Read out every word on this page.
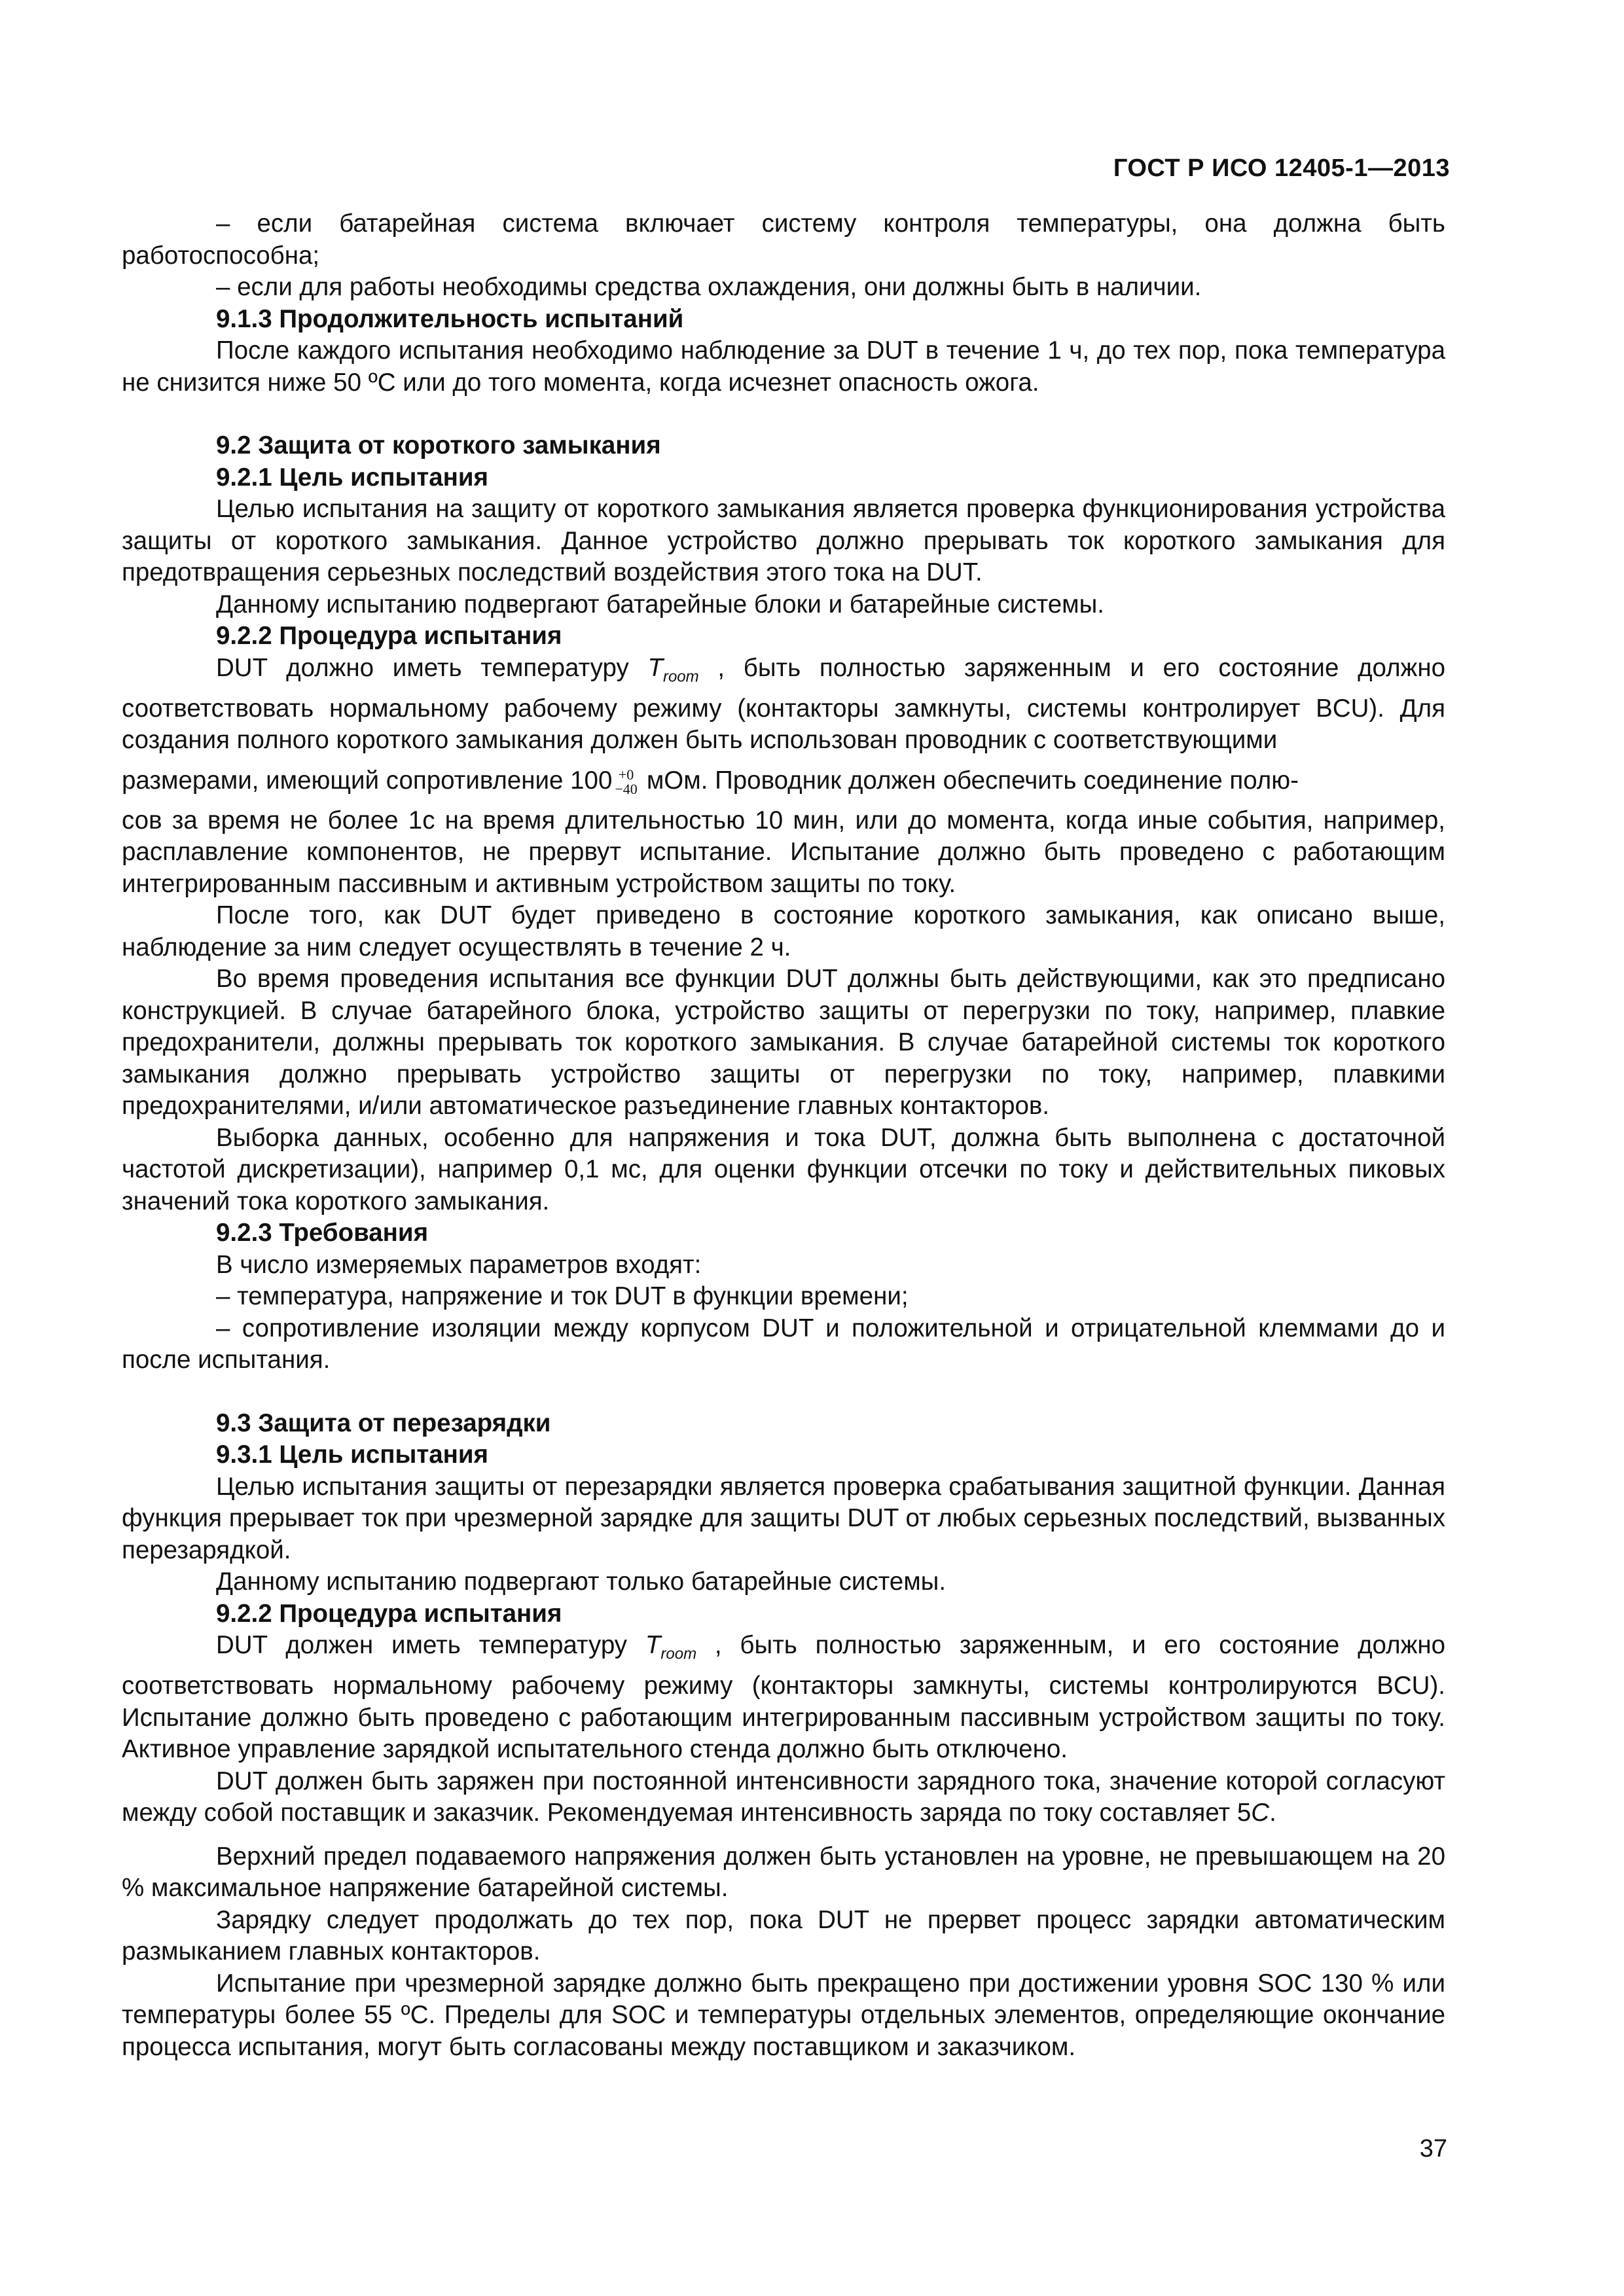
ГОСТ Р ИСО 12405-1—2013

– если батарейная система включает систему контроля температуры, она должна быть работоспособна;

– если для работы необходимы средства охлаждения, они должны быть в наличии.

9.1.3 Продолжительность испытаний

После каждого испытания необходимо наблюдение за DUT в течение 1 ч, до тех пор, пока температура не снизится ниже 50 ºС или до того момента, когда исчезнет опасность ожога.

9.2 Защита от короткого замыкания

9.2.1 Цель испытания

Целью испытания на защиту от короткого замыкания является проверка функционирования устройства защиты от короткого замыкания. Данное устройство должно прерывать ток короткого замыкания для предотвращения серьезных последствий воздействия этого тока на DUT.

Данному испытанию подвергают батарейные блоки и батарейные системы.

9.2.2 Процедура испытания

DUT должно иметь температуру $T_{room}$ , быть полностью заряженным и его состояние должно соответствовать нормальному рабочему режиму (контакторы замкнуты, системы контролирует BCU). Для создания полного короткого замыкания должен быть использован проводник с соответствующими

размерами, имеющий сопротивление 100 +0
−40 мОм. Проводник должен обеспечить соединение полю-

сов за время не более 1с на время длительностью 10 мин, или до момента, когда иные события, например, расплавление компонентов, не прервут испытание. Испытание должно быть проведено с работающим интегрированным пассивным и активным устройством защиты по току.

После того, как DUT будет приведено в состояние короткого замыкания, как описано выше, наблюдение за ним следует осуществлять в течение 2 ч.

Во время проведения испытания все функции DUT должны быть действующими, как это предписано конструкцией. В случае батарейного блока, устройство защиты от перегрузки по току, например, плавкие предохранители, должны прерывать ток короткого замыкания. В случае батарейной системы ток короткого замыкания должно прерывать устройство защиты от перегрузки по току, например, плавкими предохранителями, и/или автоматическое разъединение главных контакторов.

Выборка данных, особенно для напряжения и тока DUT, должна быть выполнена с достаточной частотой дискретизации), например 0,1 мс, для оценки функции отсечки по току и действительных пиковых значений тока короткого замыкания.

9.2.3 Требования

В число измеряемых параметров входят:

– температура, напряжение и ток DUT в функции времени;

– сопротивление изоляции между корпусом DUT и положительной и отрицательной клеммами до и после испытания.

9.3 Защита от перезарядки

9.3.1 Цель испытания

Целью испытания защиты от перезарядки является проверка срабатывания защитной функции. Данная функция прерывает ток при чрезмерной зарядке для защиты DUT от любых серьезных последствий, вызванных перезарядкой.

Данному испытанию подвергают только батарейные системы.

9.2.2 Процедура испытания

DUT должен иметь температуру $T_{room}$ , быть полностью заряженным, и его состояние должно соответствовать нормальному рабочему режиму (контакторы замкнуты, системы контролируются BCU). Испытание должно быть проведено с работающим интегрированным пассивным устройством защиты по току. Активное управление зарядкой испытательного стенда должно быть отключено.

DUT должен быть заряжен при постоянной интенсивности зарядного тока, значение которой согласуют между собой поставщик и заказчик. Рекомендуемая интенсивность заряда по току составляет 5C.

Верхний предел подаваемого напряжения должен быть установлен на уровне, не превышающем на 20 % максимальное напряжение батарейной системы.

Зарядку следует продолжать до тех пор, пока DUT не прервет процесс зарядки автоматическим размыканием главных контакторов.

Испытание при чрезмерной зарядке должно быть прекращено при достижении уровня SOC 130 % или температуры более 55 ºС. Пределы для SOC и температуры отдельных элементов, определяющие окончание процесса испытания, могут быть согласованы между поставщиком и заказчиком.

37
